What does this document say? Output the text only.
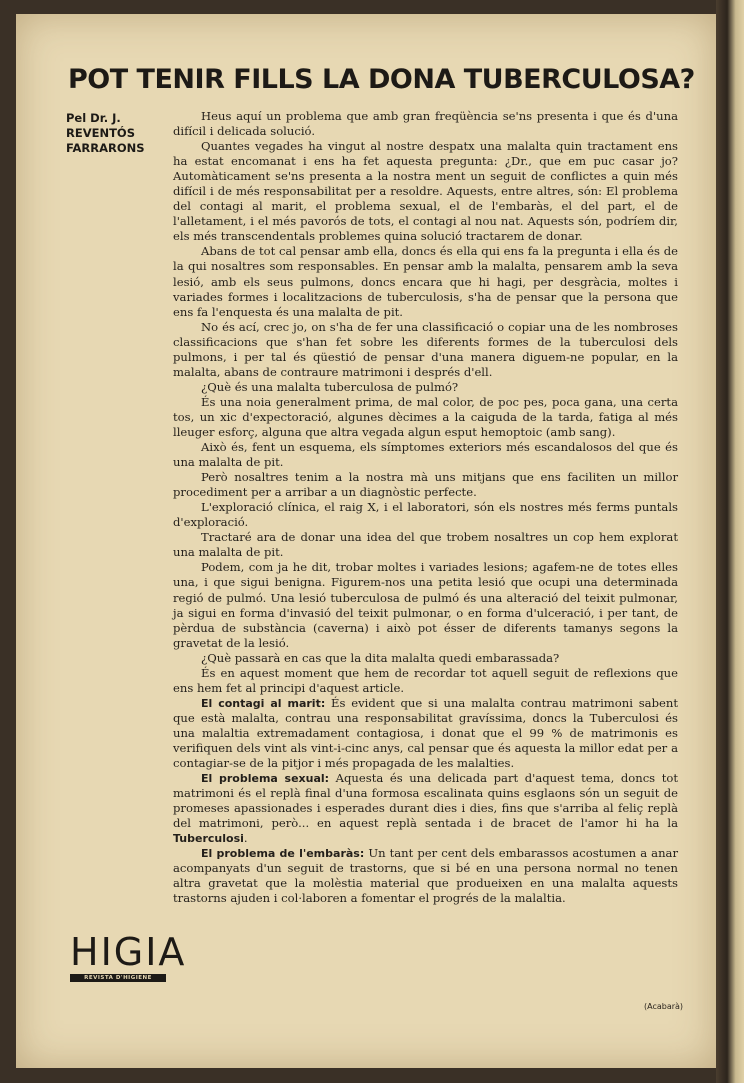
POT TENIR FILLS LA DONA TUBERCULOSA?
Pel Dr. J.
REVENTÓS
FARRARONS

Heus aquí un problema que amb gran freqüència se'ns presenta i que és d'una difícil i delicada solució.

Quantes vegades ha vingut al nostre despatx una malalta quin tractament ens ha estat encomanat i ens ha fet aquesta pregunta: ¿Dr., que em puc casar jo? Automàticament se'ns presenta a la nostra ment un seguit de conflictes a quin més difícil i de més responsabilitat per a resoldre. Aquests, entre altres, són: El problema del contagi al marit, el problema sexual, el de l'embaràs, el del part, el de l'alletament, i el més pavorós de tots, el contagi al nou nat. Aquests són, podríem dir, els més transcendentals problemes quina solució tractarem de donar.

Abans de tot cal pensar amb ella, doncs és ella qui ens fa la pregunta i ella és de la qui nosaltres som responsables. En pensar amb la malalta, pensarem amb la seva lesió, amb els seus pulmons, doncs encara que hi hagi, per desgràcia, moltes i variades formes i localitzacions de tuberculosis, s'ha de pensar que la persona que ens fa l'enquesta és una malalta de pit.

No és ací, crec jo, on s'ha de fer una classificació o copiar una de les nombroses classificacions que s'han fet sobre les diferents formes de la tuberculosi dels pulmons, i per tal és qüestió de pensar d'una manera diguem-ne popular, en la malalta, abans de contraure matrimoni i després d'ell.

¿Què és una malalta tuberculosa de pulmó?

És una noia generalment prima, de mal color, de poc pes, poca gana, una certa tos, un xic d'expectoració, algunes dècimes a la caiguda de la tarda, fatiga al més lleuger esforç, alguna que altra vegada algun esput hemoptoic (amb sang).

Això és, fent un esquema, els símptomes exteriors més escandalosos del que és una malalta de pit.

Però nosaltres tenim a la nostra mà uns mitjans que ens faciliten un millor procediment per a arribar a un diagnòstic perfecte.

L'exploració clínica, el raig X, i el laboratori, són els nostres més ferms puntals d'exploració.

Tractaré ara de donar una idea del que trobem nosaltres un cop hem explorat una malalta de pit.

Podem, com ja he dit, trobar moltes i variades lesions; agafem-ne de totes elles una, i que sigui benigna. Figurem-nos una petita lesió que ocupi una determinada regió de pulmó. Una lesió tuberculosa de pulmó és una alteració del teixit pulmonar, ja sigui en forma d'invasió del teixit pulmonar, o en forma d'ulceració, i per tant, de pèrdua de substància (caverna) i això pot ésser de diferents tamanys segons la gravetat de la lesió.

¿Què passarà en cas que la dita malalta quedi embarassada?

És en aquest moment que hem de recordar tot aquell seguit de reflexions que ens hem fet al principi d'aquest article.

El contagi al marit: És evident que si una malalta contrau matrimoni sabent que està malalta, contrau una responsabilitat gravíssima, doncs la Tuberculosi és una malaltia extremadament contagiosa, i donat que el 99 % de matrimonis es verifiquen dels vint als vint-i-cinc anys, cal pensar que és aquesta la millor edat per a contagiar-se de la pitjor i més propagada de les malalties.

El problema sexual: Aquesta és una delicada part d'aquest tema, doncs tot matrimoni és el replà final d'una formosa escalinata quins esglaons són un seguit de promeses apassionades i esperades durant dies i dies, fins que s'arriba al feliç replà del matrimoni, però... en aquest replà sentada i de bracet de l'amor hi ha la Tuberculosi.

El problema de l'embaràs: Un tant per cent dels embarassos acostumen a anar acompanyats d'un seguit de trastorns, que si bé en una persona normal no tenen altra gravetat que la molèstia material que produeixen en una malalta aquests trastorns ajuden i col·laboren a fomentar el progrés de la malaltia.

HIGIA
REVISTA D'HIGIENE
(Acabarà)
